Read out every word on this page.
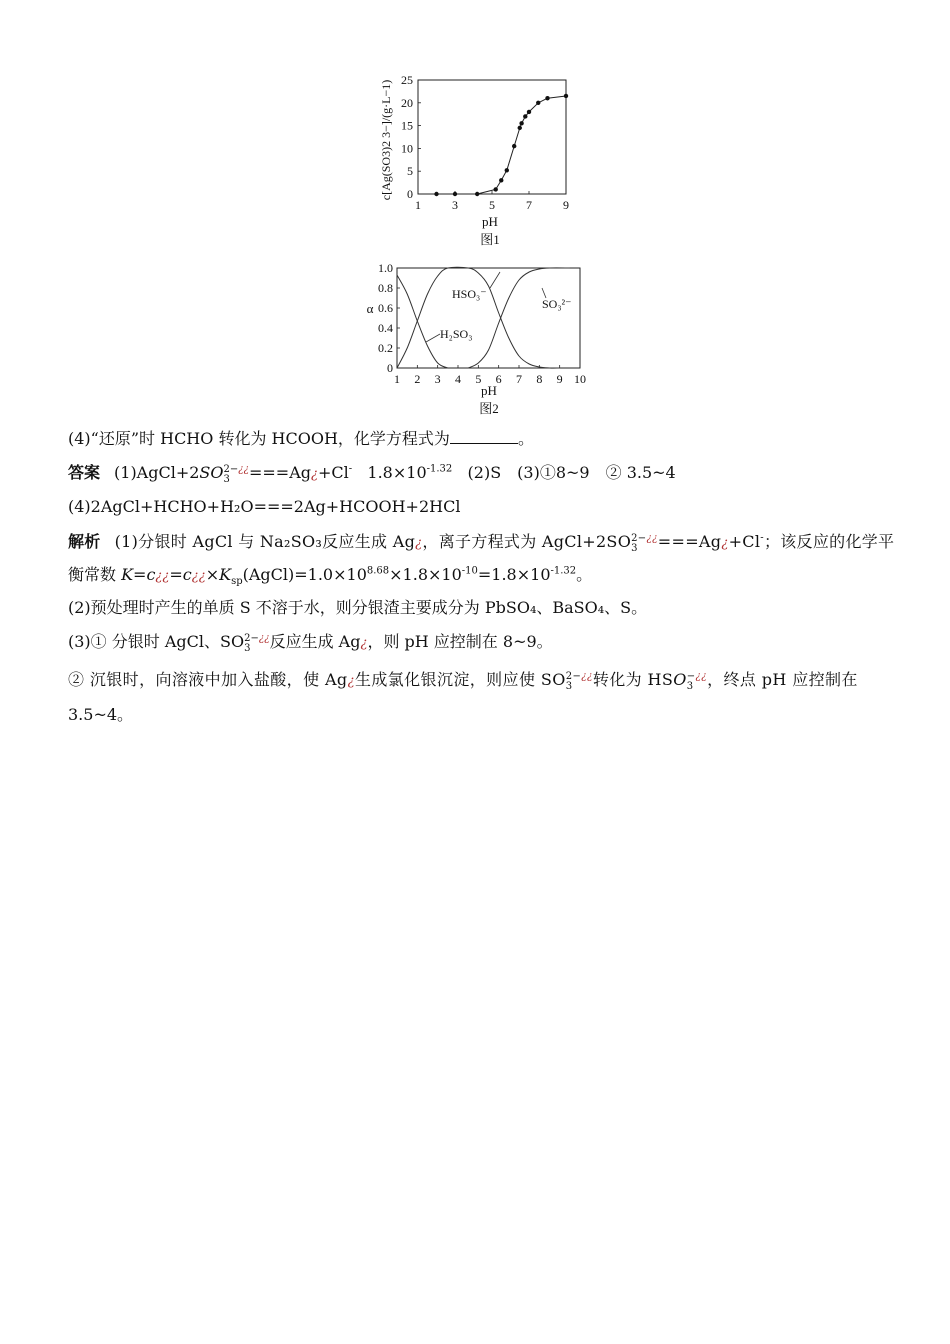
1	3	5	7	9
0
5
10
15
20
25
c[Ag(SO3)2 3−]/(g·L−1)
pH
图1
1 2 3 4 5 6 7 8 9 10
0
0.2
0.4
0.6
0.8
1.0
α
pH
图2
HSO₃⁻
SO₃²⁻
H₂SO₃
(4)“还原”时 HCHO 转化为 HCOOH，化学方程式为	。
答案 (1)AgCl+2SO 2−¿¿
3	===Ag¿+Cl- $1.8\times 10^{-1.32}$ (2)S　(3)①8~9　② 3.5~4
(4)2AgCl+HCHO+H₂O===2Ag+HCOOH+2HCl
解析 (1)分银时 AgCl 与 Na₂SO₃反应生成 Ag¿，离子方程式为 AgCl+2SO 2−¿¿
3	===Ag¿+Cl-；该反应的化学平
衡常数 $K=c¿¿=c¿¿\times K_{sp}(AgCl)=1.0\times 10^{8.68}\times 1.8\times 10^{-10}=1.8\times 10^{-1.32}$。
(2)预处理时产生的单质 S 不溶于水，则分银渣主要成分为 PbSO₄、BaSO₄、S。
(3)① 分银时 AgCl、SO 2−¿¿
3	反应生成 Ag¿，则 pH 应控制在 8~9。
② 沉银时，向溶液中加入盐酸，使 Ag¿生成氯化银沉淀，则应使 SO 2−¿¿
3	转化为 HSO −¿¿
3 ，终点 pH 应控制在
3.5~4。
